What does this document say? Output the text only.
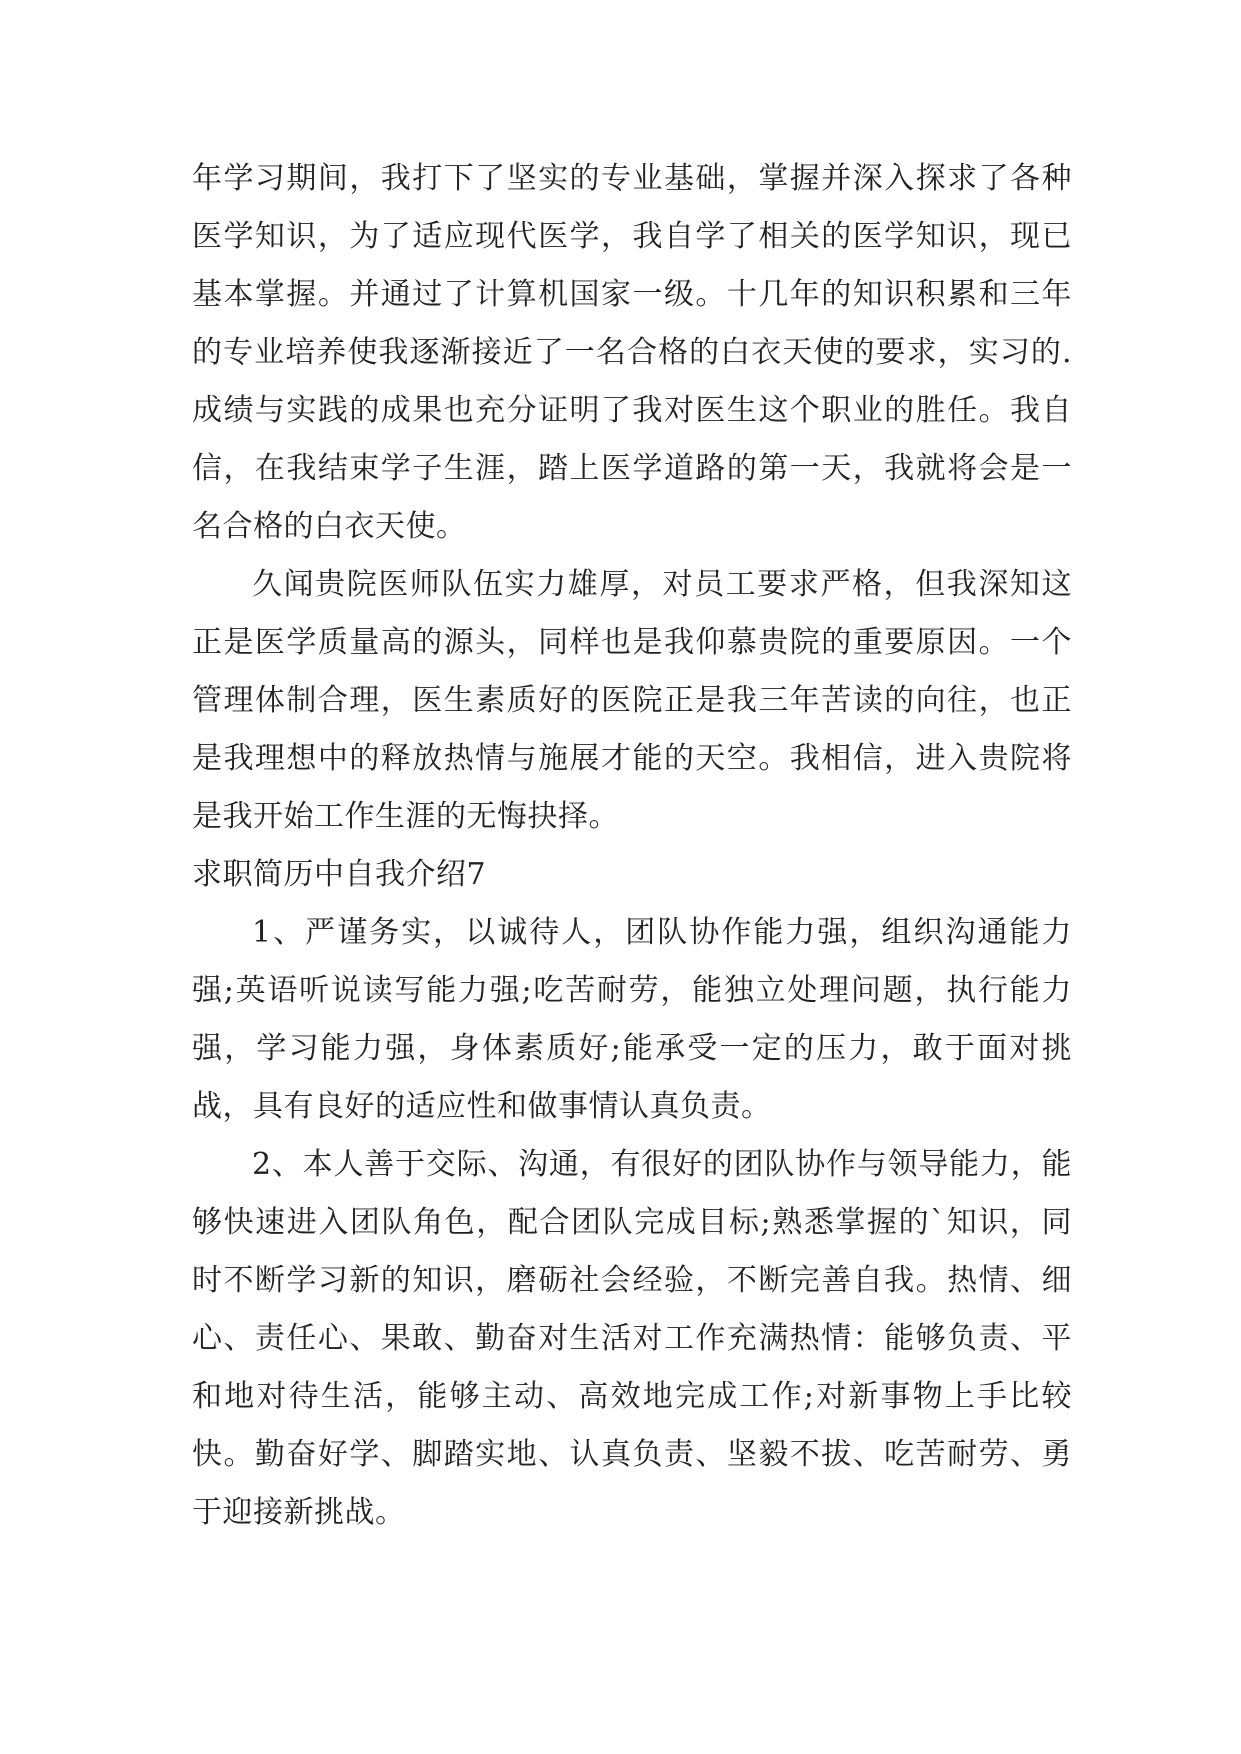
年学习期间，我打下了坚实的专业基础，掌握并深入探求了各种医学知识，为了适应现代医学，我自学了相关的医学知识，现已基本掌握。并通过了计算机国家一级。十几年的知识积累和三年的专业培养使我逐渐接近了一名合格的白衣天使的要求，实习的.成绩与实践的成果也充分证明了我对医生这个职业的胜任。我自信，在我结束学子生涯，踏上医学道路的第一天，我就将会是一名合格的白衣天使。

久闻贵院医师队伍实力雄厚，对员工要求严格，但我深知这正是医学质量高的源头，同样也是我仰慕贵院的重要原因。一个管理体制合理，医生素质好的医院正是我三年苦读的向往，也正是我理想中的释放热情与施展才能的天空。我相信，进入贵院将是我开始工作生涯的无悔抉择。

求职简历中自我介绍7

1、严谨务实，以诚待人，团队协作能力强，组织沟通能力强;英语听说读写能力强;吃苦耐劳，能独立处理问题，执行能力强，学习能力强，身体素质好;能承受一定的压力，敢于面对挑战，具有良好的适应性和做事情认真负责。

2、本人善于交际、沟通，有很好的团队协作与领导能力，能够快速进入团队角色，配合团队完成目标;熟悉掌握的`知识，同时不断学习新的知识，磨砺社会经验，不断完善自我。热情、细心、责任心、果敢、勤奋对生活对工作充满热情：能够负责、平和地对待生活，能够主动、高效地完成工作;对新事物上手比较快。勤奋好学、脚踏实地、认真负责、坚毅不拔、吃苦耐劳、勇于迎接新挑战。
